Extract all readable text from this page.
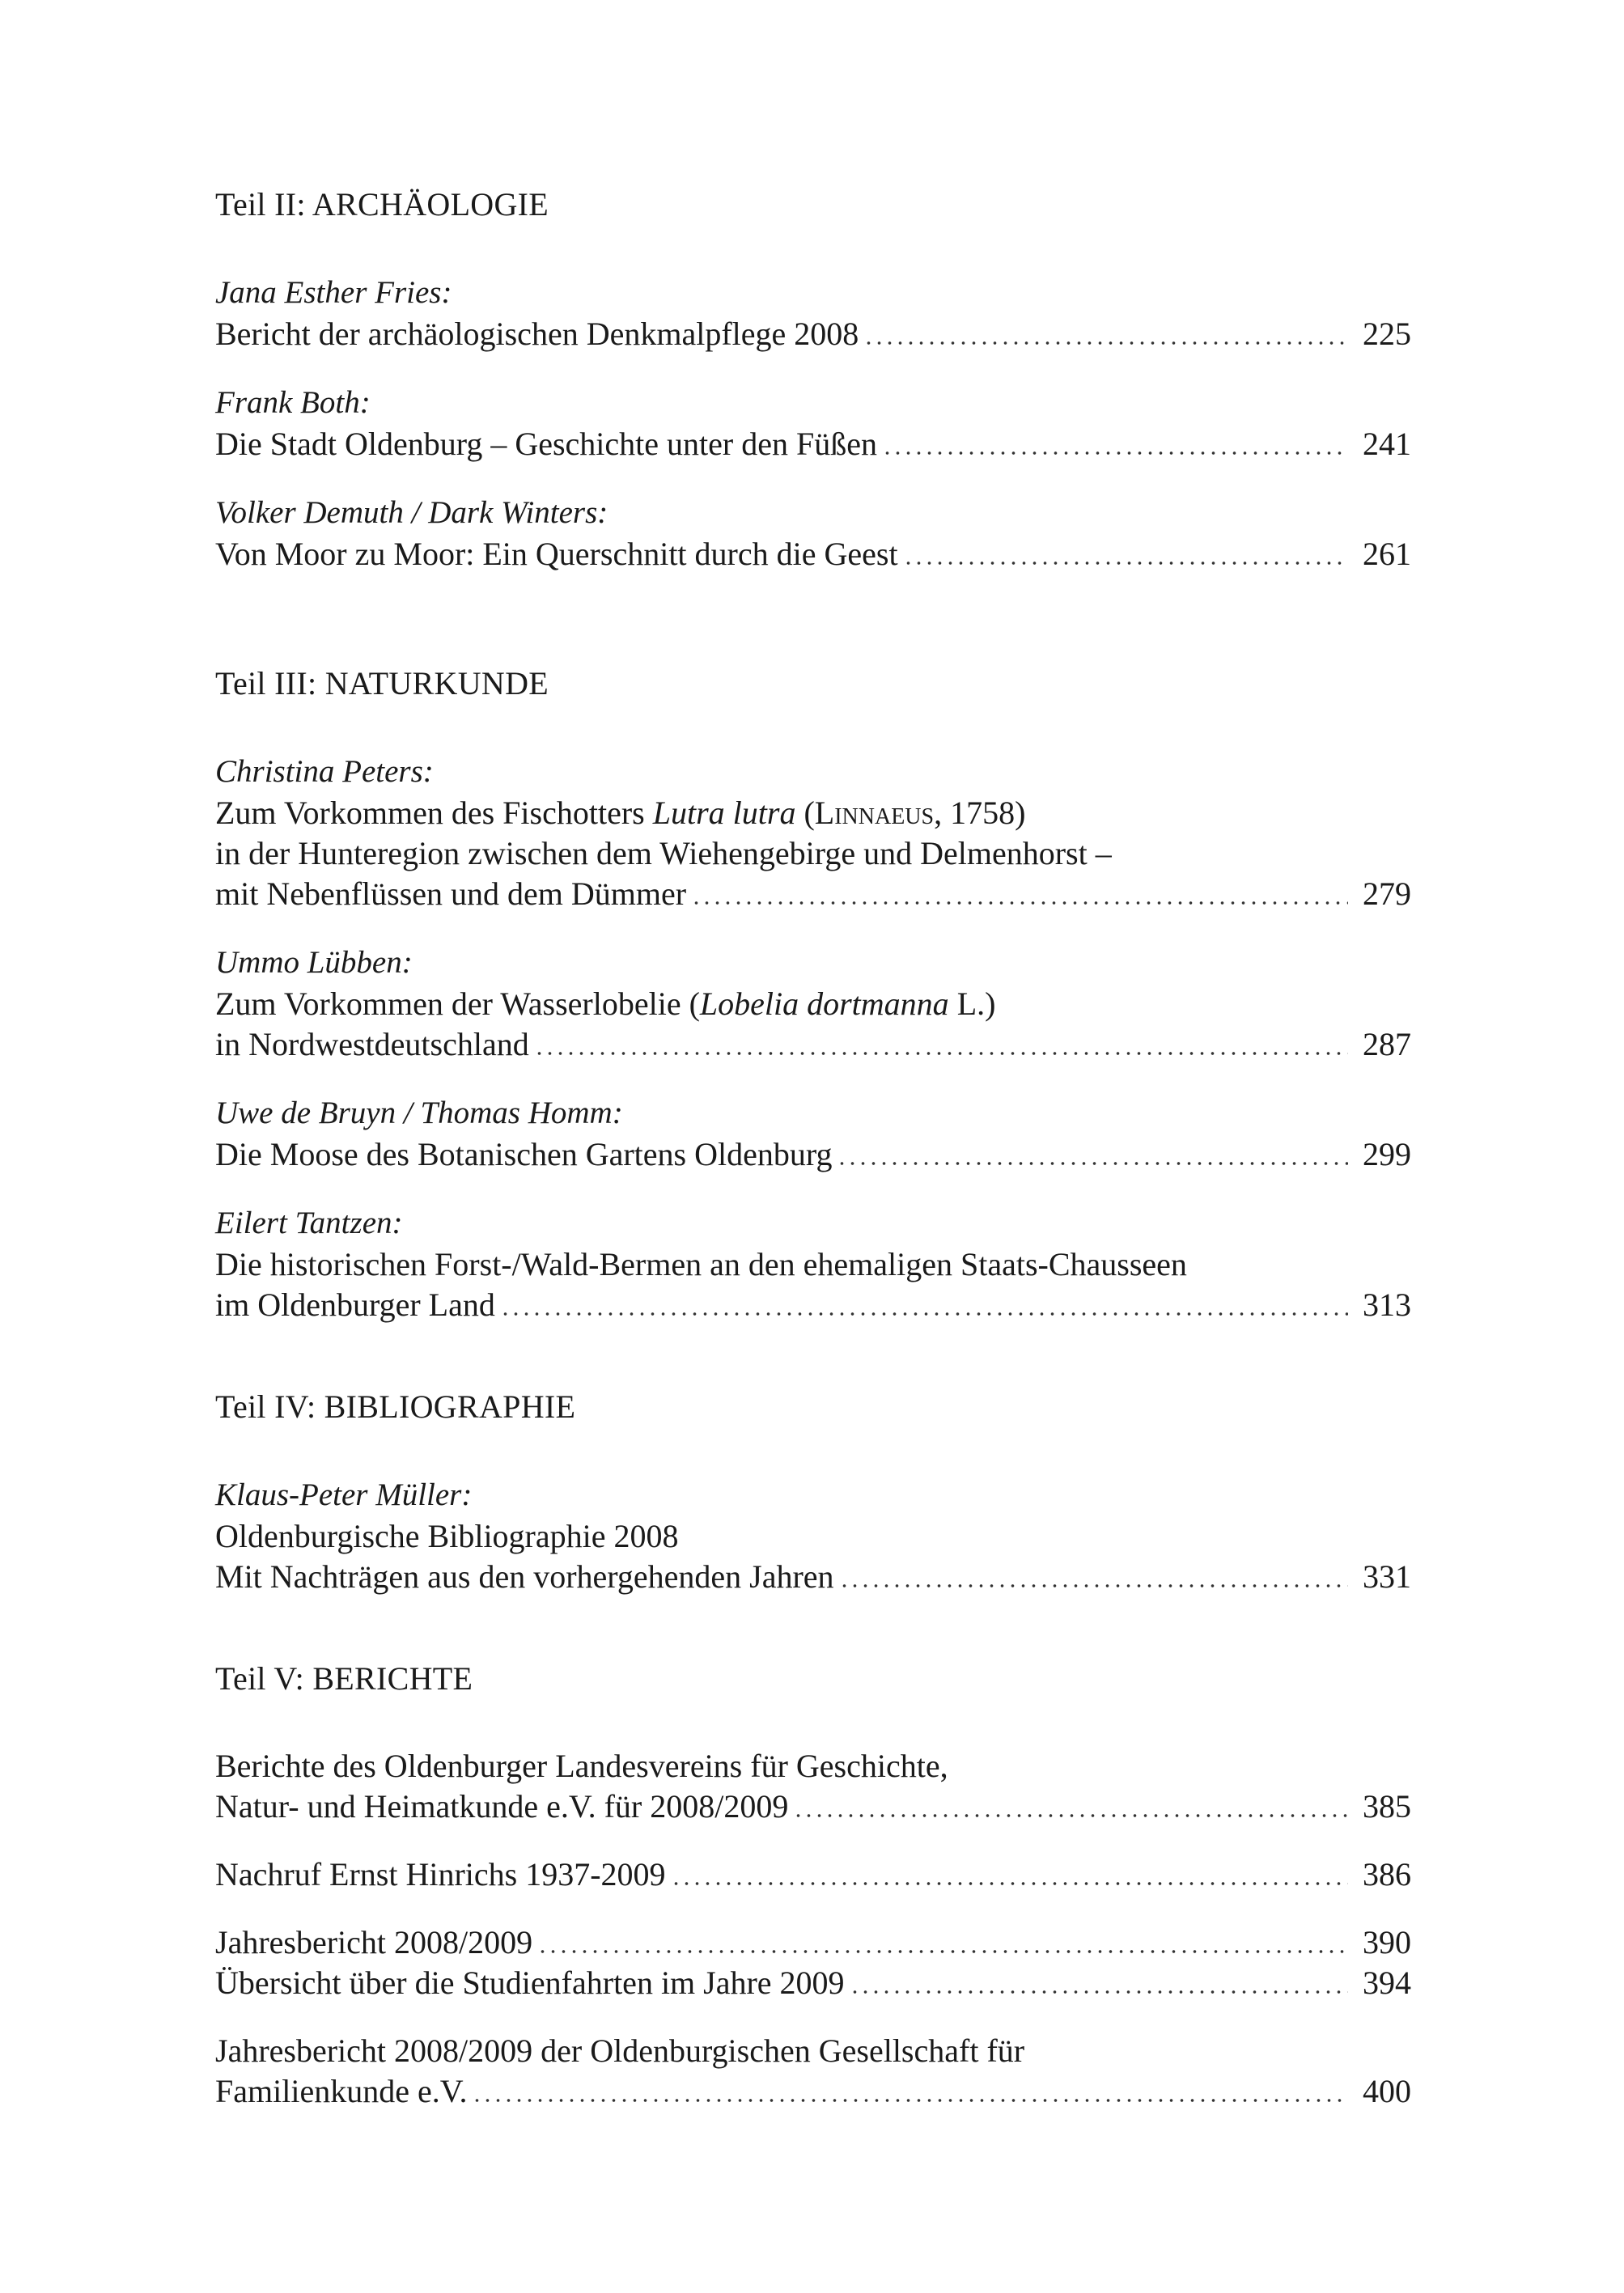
Teil II: ARCHÄOLOGIE
Jana Esther Fries:
Bericht der archäologischen Denkmalpflege 2008	225
Frank Both:
Die Stadt Oldenburg – Geschichte unter den Füßen	241
Volker Demuth / Dark Winters:
Von Moor zu Moor: Ein Querschnitt durch die Geest	261
Teil III: NATURKUNDE
Christina Peters:
Zum Vorkommen des Fischotters Lutra lutra (Linnaeus, 1758)
in der Hunteregion zwischen dem Wiehengebirge und Delmenhorst –
mit Nebenflüssen und dem Dümmer	279
Ummo Lübben:
Zum Vorkommen der Wasserlobelie (Lobelia dortmanna L.)
in Nordwestdeutschland	287
Uwe de Bruyn / Thomas Homm:
Die Moose des Botanischen Gartens Oldenburg	299
Eilert Tantzen:
Die historischen Forst-/Wald-Bermen an den ehemaligen Staats-Chausseen
im Oldenburger Land	313
Teil IV: BIBLIOGRAPHIE
Klaus-Peter Müller:
Oldenburgische Bibliographie 2008
Mit Nachträgen aus den vorhergehenden Jahren	331
Teil V: BERICHTE
Berichte des Oldenburger Landesvereins für Geschichte,
Natur- und Heimatkunde e.V. für 2008/2009	385
Nachruf Ernst Hinrichs 1937-2009	386
Jahresbericht 2008/2009	390
Übersicht über die Studienfahrten im Jahre 2009	394
Jahresbericht 2008/2009 der Oldenburgischen Gesellschaft für
Familienkunde e.V.	400
